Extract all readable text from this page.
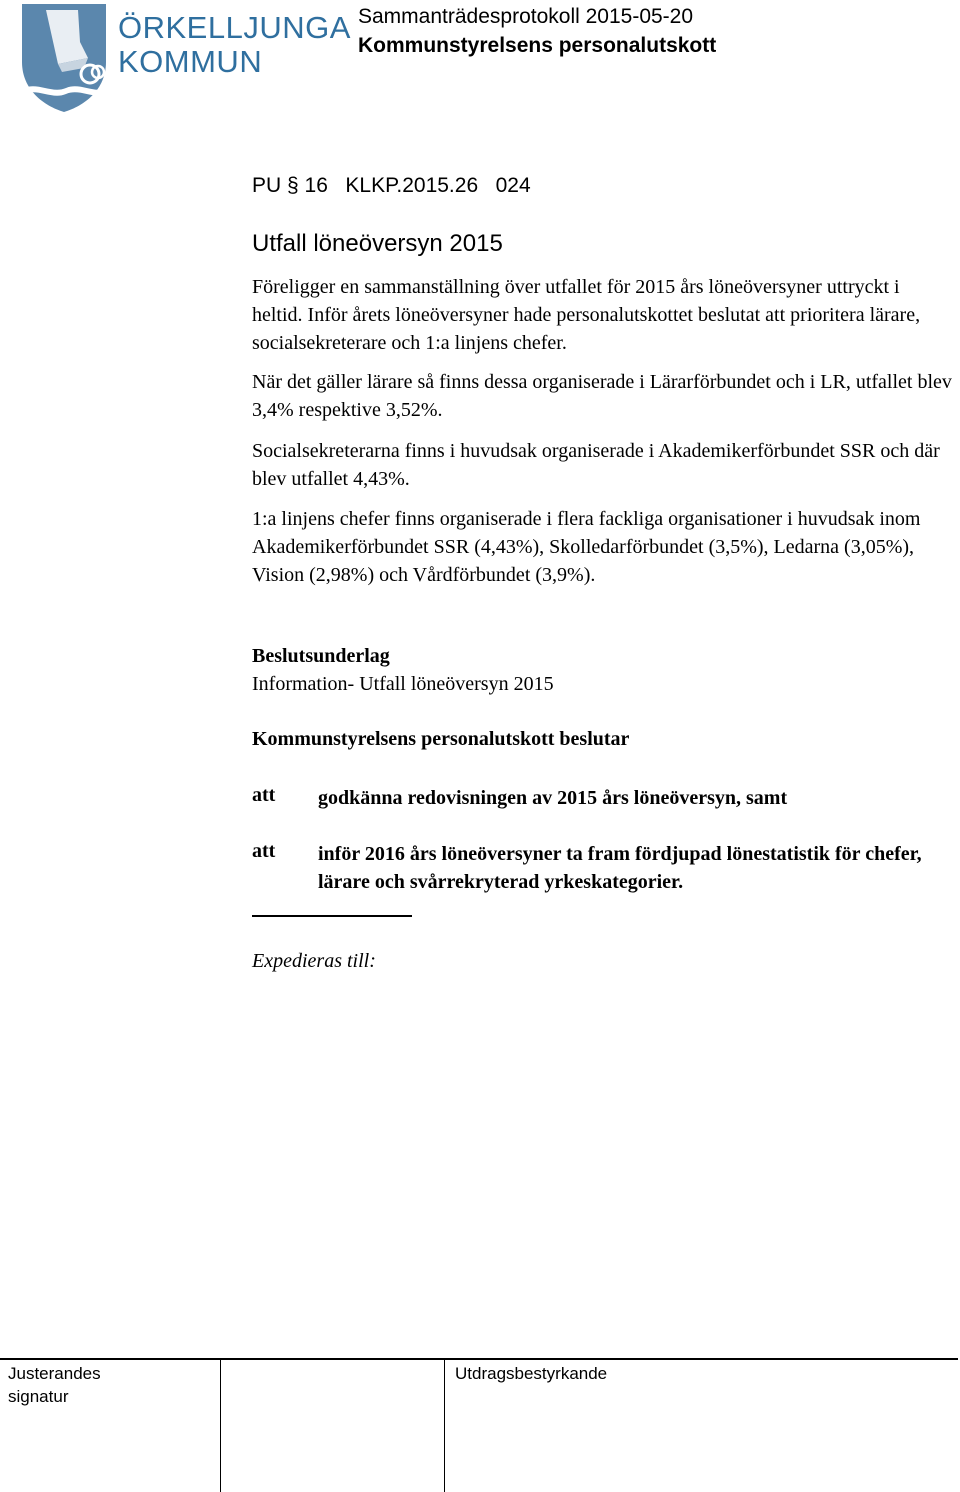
ÖRKELLJUNGA
KOMMUN
Sammanträdesprotokoll 2015-05-20
Kommunstyrelsens personalutskott
PU § 16   KLKP.2015.26   024
Utfall löneöversyn 2015

Föreligger en sammanställning över utfallet för 2015 års löneöversyner uttryckt i heltid. Inför årets löneöversyner hade personalutskottet beslutat att prioritera lärare, socialsekreterare och 1:a linjens chefer.

När det gäller lärare så finns dessa organiserade i Lärarförbundet och i LR, utfallet blev 3,4% respektive 3,52%.

Socialsekreterarna finns i huvudsak organiserade i Akademikerförbundet SSR och där blev utfallet 4,43%.

1:a linjens chefer finns organiserade i flera fackliga organisationer i huvudsak inom Akademikerförbundet SSR (4,43%), Skolledarförbundet (3,5%), Ledarna (3,05%), Vision (2,98%) och Vårdförbundet (3,9%).

Beslutsunderlag
Information- Utfall löneöversyn 2015
Kommunstyrelsens personalutskott beslutar
att godkänna redovisningen av 2015 års löneöversyn, samt
att inför 2016 års löneöversyner ta fram fördjupad lönestatistik för chefer, lärare och svårrekryterad yrkeskategorier.
Expedieras till:
Justerandes
signatur
Utdragsbestyrkande
